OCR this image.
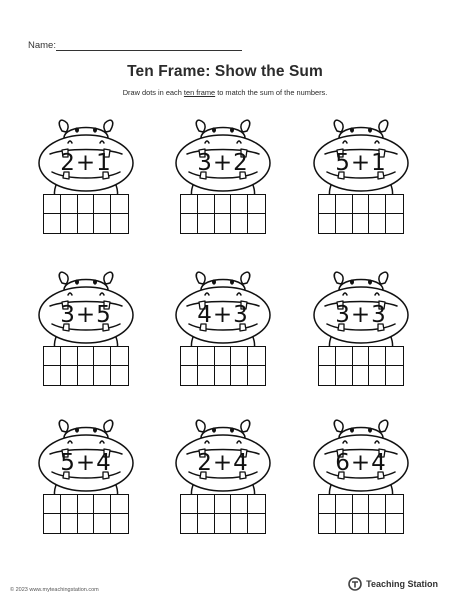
Name:
Ten Frame: Show the Sum
Draw dots in each ten frame to match the sum of the numbers.
2+1	3+2	5+1
3+5	4+3	3+3
5+4	2+4	6+4
© 2023 www.myteachingstation.com
Teaching Station
